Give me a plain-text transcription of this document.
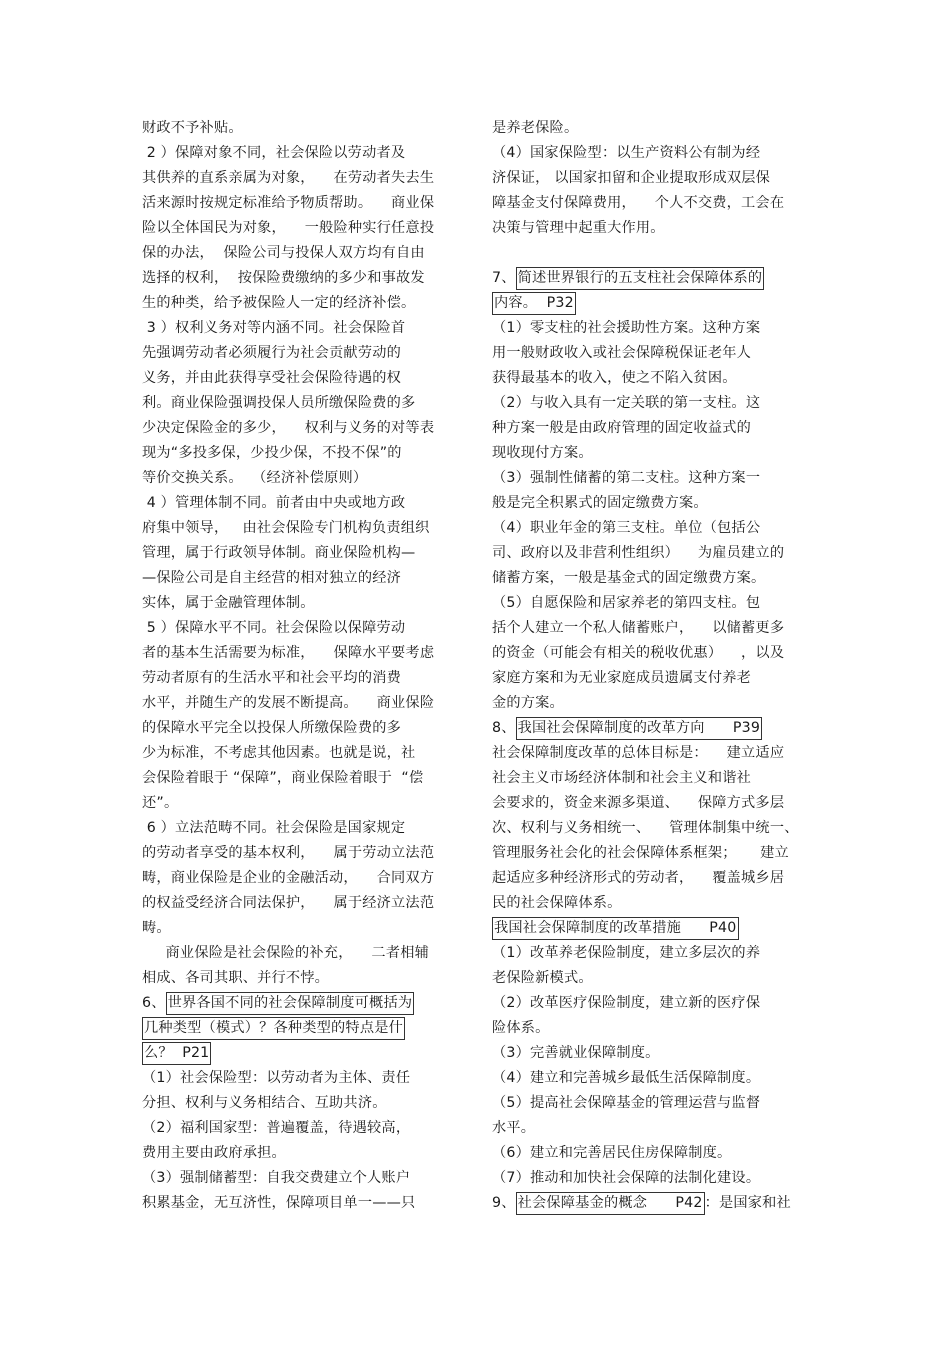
财政不予补贴。
2 ）保障对象不同，社会保险以劳动者及
其供养的直系亲属为对象，    在劳动者失去生
活来源时按规定标准给予物质帮助。    商业保
险以全体国民为对象，    一般险种实行任意投
保的办法，  保险公司与投保人双方均有自由
选择的权利，  按保险费缴纳的多少和事故发
生的种类，给予被保险人一定的经济补偿。
3 ）权利义务对等内涵不同。社会保险首
先强调劳动者必须履行为社会贡献劳动的
义务，并由此获得享受社会保险待遇的权
利。商业保险强调投保人员所缴保险费的多
少决定保险金的多少，    权利与义务的对等表
现为“多投多保，少投少保，不投不保”的
等价交换关系。  （经济补偿原则）
4 ）管理体制不同。前者由中央或地方政
府集中领导，   由社会保险专门机构负责组织
管理，属于行政领导体制。商业保险机构—
—保险公司是自主经营的相对独立的经济
实体，属于金融管理体制。
5 ）保障水平不同。社会保险以保障劳动
者的基本生活需要为标准，    保障水平要考虑
劳动者原有的生活水平和社会平均的消费
水平，并随生产的发展不断提高。    商业保险
的保障水平完全以投保人所缴保险费的多
少为标准，不考虑其他因素。也就是说，社
会保险着眼于 “保障”，商业保险着眼于  “偿
还”。
6 ）立法范畴不同。社会保险是国家规定
的劳动者享受的基本权利，    属于劳动立法范
畴，商业保险是企业的金融活动，    合同双方
的权益受经济合同法保护，    属于经济立法范
畴。
商业保险是社会保险的补充，    二者相辅
相成、各司其职、并行不悖。
6、 世界各国不同的社会保障制度可概括为
几种类型（模式）？各种类型的特点是什
么？  P21
（1）社会保险型：以劳动者为主体、责任
分担、权利与义务相结合、互助共济。
（2）福利国家型：普遍覆盖，待遇较高，
费用主要由政府承担。
（3）强制储蓄型：自我交费建立个人账户
积累基金，无互济性，保障项目单一——只
是养老保险。
（4）国家保险型：以生产资料公有制为经
济保证， 以国家扣留和企业提取形成双层保
障基金支付保障费用，    个人不交费，工会在
决策与管理中起重大作用。
7、 简述世界银行的五支柱社会保障体系的
内容。  P32
（1）零支柱的社会援助性方案。这种方案
用一般财政收入或社会保障税保证老年人
获得最基本的收入，使之不陷入贫困。
（2）与收入具有一定关联的第一支柱。这
种方案一般是由政府管理的固定收益式的
现收现付方案。
（3）强制性储蓄的第二支柱。这种方案一
般是完全积累式的固定缴费方案。
（4）职业年金的第三支柱。单位（包括公
司、政府以及非营利性组织）    为雇员建立的
储蓄方案，一般是基金式的固定缴费方案。
（5）自愿保险和居家养老的第四支柱。包
括个人建立一个私人储蓄账户，    以储蓄更多
的资金（可能会有相关的税收优惠）    ，以及
家庭方案和为无业家庭成员遗属支付养老
金的方案。
8、 我国社会保障制度的改革方向      P39
社会保障制度改革的总体目标是：    建立适应
社会主义市场经济体制和社会主义和谐社
会要求的，资金来源多渠道、    保障方式多层
次、权利与义务相统一、    管理体制集中统一、
管理服务社会化的社会保障体系框架；     建立
起适应多种经济形式的劳动者，    覆盖城乡居
民的社会保障体系。
我国社会保障制度的改革措施      P40
（1）改革养老保险制度，建立多层次的养
老保险新模式。
（2）改革医疗保险制度，建立新的医疗保
险体系。
（3）完善就业保障制度。
（4）建立和完善城乡最低生活保障制度。
（5）提高社会保障基金的管理运营与监督
水平。
（6）建立和完善居民住房保障制度。
（7）推动和加快社会保障的法制化建设。
9、 社会保障基金的概念      P42 ：是国家和社
